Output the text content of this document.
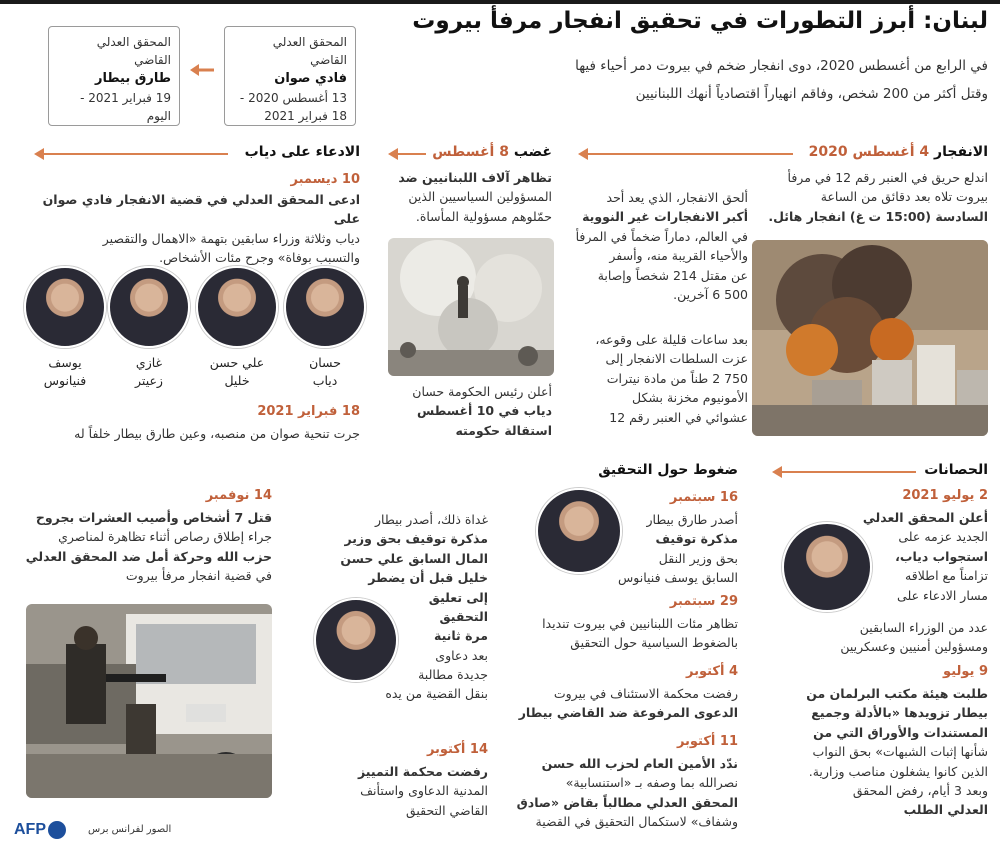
لبنان: أبرز التطورات في تحقيق انفجار مرفأ بيروت
في الرابع من أغسطس 2020، دوى انفجار ضخم في بيروت دمر أحياء فيها
وقتل أكثر من 200 شخص، وفاقم انهياراً اقتصادياً أنهك اللبنانيين
المحقق العدلي القاضي
فادي صوان
13 أغسطس 2020 -
18 فبراير 2021
المحقق العدلي القاضي
طارق بيطار
19 فبراير 2021 -
اليوم
الانفجار 4 أغسطس 2020
اندلع حريق في العنبر رقم 12 في مرفأ
بيروت تلاه بعد دقائق من الساعة
السادسة (15:00 ت غ) انفجار هائل.
ألحق الانفجار، الذي يعد أحد
أكبر الانفجارات غير النووية
في العالم، دماراً ضخماً في المرفأ
والأحياء القريبة منه، وأسفر
عن مقتل 214 شخصاً وإصابة
500 6 آخرين.
بعد ساعات قليلة على وقوعه،
عزت السلطات الانفجار إلى
750 2 طناً من مادة نيترات
الأمونيوم مخزنة بشكل
عشوائي في العنبر رقم 12
غضب 8 أغسطس
تظاهر آلاف اللبنانيين ضد
المسؤولين السياسيين الذين
حمّلوهم مسؤولية المأساة.
أعلن رئيس الحكومة حسان
دياب في 10 أغسطس
استقالة حكومته
الادعاء على دياب
10 ديسمبر
ادعى المحقق العدلي في قضية الانفجار فادي صوان على
دياب وثلاثة وزراء سابقين بتهمة «الاهمال والتقصير
والتسبب بوفاة» وجرح مئات الأشخاص.
حسان
دياب
علي حسن
خليل
غازي
زعيتر
يوسف
فنيانوس
18 فبراير 2021
جرت تنحية صوان من منصبه، وعين طارق بيطار خلفاً له
الحصانات
2 يوليو 2021
أعلن المحقق العدلي
الجديد عزمه على
استجواب دياب،
تزامناً مع اطلاقه
مسار الادعاء على
عدد من الوزراء السابقين
ومسؤولين أمنيين وعسكريين
9 يوليو
طلبت هيئة مكتب البرلمان من
بيطار تزويدها «بالأدلة وجميع
المستندات والأوراق التي من
شأنها إثبات الشبهات» بحق النواب
الذين كانوا يشغلون مناصب وزارية.
وبعد 3 أيام، رفض المحقق
العدلي الطلب
ضغوط حول التحقيق
16 سبتمبر
أصدر طارق بيطار
مذكرة توقيف
بحق وزير النقل
السابق يوسف فنيانوس
29 سبتمبر
تظاهر مئات اللبنانيين في بيروت تنديدا
بالضغوط السياسية حول التحقيق
4 أكتوبر
رفضت محكمة الاستئناف في بيروت
الدعوى المرفوعة ضد القاضي بيطار
11 أكتوبر
ندّد الأمين العام لحزب الله حسن
نصرالله بما وصفه بـ «استنسابية»
المحقق العدلي مطالباً بقاض «صادق
وشفاف» لاستكمال التحقيق في القضية
غداة ذلك، أصدر بيطار
مذكرة توقيف بحق وزير
المال السابق علي حسن
خليل قبل أن يضطر
إلى تعليق
التحقيق
مرة ثانية
بعد دعاوى
جديدة مطالبة
بنقل القضية من يده
14 أكتوبر
رفضت محكمة التمييز
المدنية الدعاوى واستأنف
القاضي التحقيق
14 نوفمبر
قتل 7 أشخاص وأصيب العشرات بجروح
جراء إطلاق رصاص أثناء تظاهرة لمناصري
حزب الله وحركة أمل ضد المحقق العدلي
في قضية انفجار مرفأ بيروت
الصور لفرانس برس
AFP
